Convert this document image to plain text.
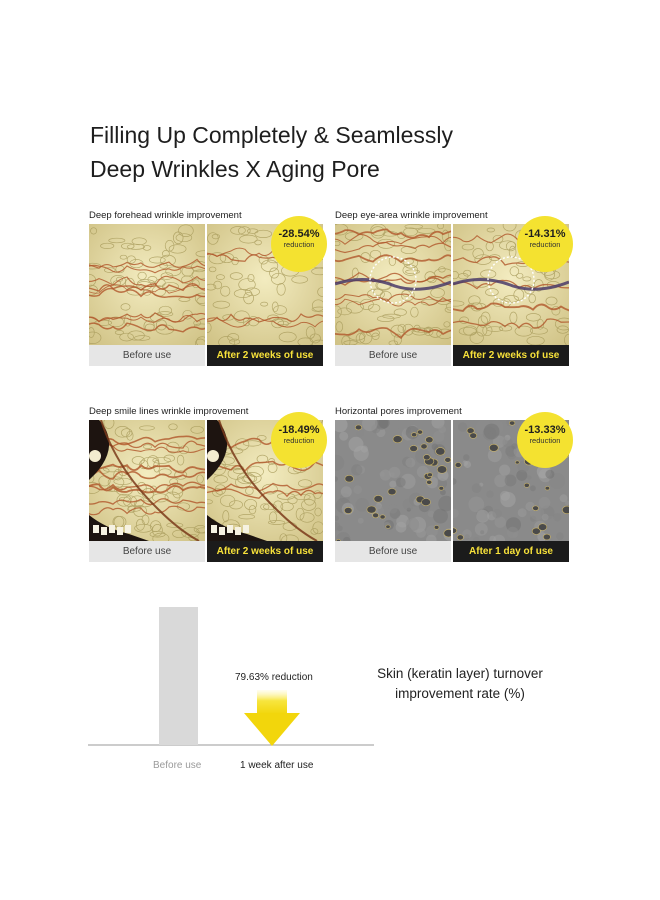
Filling Up Completely & Seamlessly
Deep Wrinkles X Aging Pore
Deep forehead wrinkle improvement
Before use	After 2 weeks of use
-28.54%
reduction
Deep eye-area wrinkle improvement
Before use	After 2 weeks of use
-14.31%
reduction
Deep smile lines wrinkle improvement
Before use	After 2 weeks of use
-18.49%
reduction
Horizontal pores improvement
Before use	After 1 day of use
-13.33%
reduction
79.63% reduction
Before use	1 week after use
Skin (keratin layer) turnover
improvement rate (%)
